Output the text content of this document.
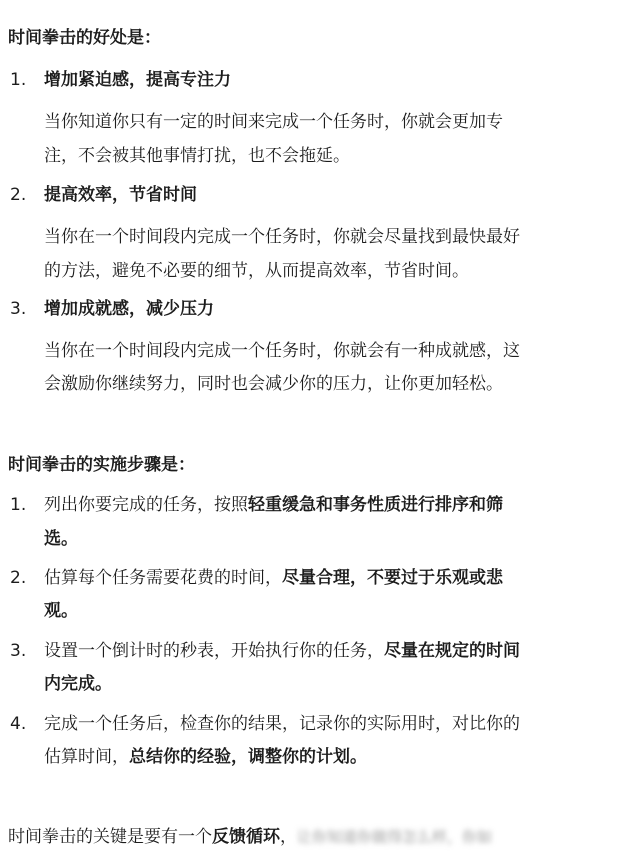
时间拳击的好处是：
1. 增加紧迫感，提高专注力
当你知道你只有一定的时间来完成一个任务时，你就会更加专
注，不会被其他事情打扰，也不会拖延。
2. 提高效率，节省时间
当你在一个时间段内完成一个任务时，你就会尽量找到最快最好
的方法，避免不必要的细节，从而提高效率，节省时间。
3. 增加成就感，减少压力
当你在一个时间段内完成一个任务时，你就会有一种成就感，这
会激励你继续努力，同时也会减少你的压力，让你更加轻松。
时间拳击的实施步骤是：
1. 列出你要完成的任务，按照轻重缓急和事务性质进行排序和筛
选。
2. 估算每个任务需要花费的时间，尽量合理，不要过于乐观或悲
观。
3. 设置一个倒计时的秒表，开始执行你的任务，尽量在规定的时间
内完成。
4. 完成一个任务后，检查你的结果，记录你的实际用时，对比你的
估算时间，总结你的经验，调整你的计划。
时间拳击的关键是要有一个反馈循环，让你知道你做得怎么样，你如
